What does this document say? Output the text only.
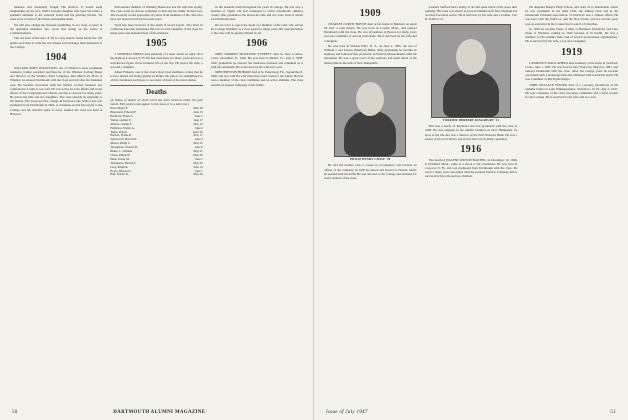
business and eventually bought The Review. It would seem heightening up the plot 1902's favorite daughter had been his bride, a splendid reminder to the editorial board and his grieving friends. We were sorry to learn of his illness and sudden death.

We will now change the frequent grumbling, in our class, to news of the cherished members who wrote this spring on the notice of Commencement.

The old town of the days of '04 is a tiny sketch. Some hardy few still gather each June to walk the old campus and exchange their memories of the College.

1904

WILLIAM AMES KNOWLTON, one of Windsor's most prominent residents, former president and director of the Windsor Savings Bank, and director of the Windsor Trust Company, died March 25. Born in Windsor, he entered Dartmouth with the class and left after his freshman year. He became associated with his father's woolen business and continued in it until it was sold. He was active in town affairs and in the affairs of the Congregational Church, serving as deacon for many years. He leaves his wife and two daughters. The class extends its sympathy to his family. The proposed fine college in Kenyon Lake School and was graduated from Dartmouth in 1904. A classmate recalls his loyalty to the College and his cheerful spirit at every reunion the class has held in Hanover.

Still another member of Winning House has lost his wife this spring. The class sends its sincere sympathy to him and his family in their loss. The secretary would appreciate any news from members of the class who have not been heard from in recent years.

Word has been received of the death of Lloyd Lynch, who lived in California since his retirement. He was an active member of the class for many years and attended most of the reunions.

1905

J. WENDELL PHIPPS died suddenly of a heart attack on April 18 at his home in Concord, N. H. He had lived there for many years and was a well-known figure in the business life of the city. He leaves his wife, a son and a daughter.

Albert Flaherty, one of the class's most loyal members, writes that he is now retired and living quietly in Maine. He asks to be remembered to all his classmates and hopes to see many of them at the next reunion.

Deaths

[A listing of deaths of which word has been received within the past month. Full notices may appear in this issue or in a later one.]

Ellis, Henry P.	May 28
Blanchard, Edward F.	June 13
Bradford, Frank A.	June 5
Walker, Arthur E.	June 17
Allison, Joseph F.	May 10
Hamilton, Walter A.	June 2
Tuttle, Robert	April 20
Bartlett, Frank R.	May 17
Wentworth, Harold D.	June 4
Mason, Philip C.	May 23
Thompson, Chester H.	June 9
Blake, C. Gillman	May 25
Chase, Philip W.	May 20
Hunt, Lester M.	June 1
Thompson, Harold T.	May 20
Gray, Ralph R.	June 14
Boyle, Bernard J.	June 1
Ball, Robert R.	May 26

on the baseball team throughout his years in college. He was also a member of Sigma Chi and continued to follow Dartmouth athletics closely after graduation. He leaves his wife and two sons, both of whom are Dartmouth men.

We are sorry to report the death of a member of the class who served the College faithfully as a class agent for many years. His cheerful letters to the class will be greatly missed by all.

1906

JOHN WARREN MCKENZIE EVERETT died in New London, Conn., December 31, 1946. He was born in Bethel, Vt., July 4, 1883. After graduation he entered the insurance business and remained in it until his retirement. He is survived by his wife and a son.

JOHN PRESTON HOBART died at St. Petersburg, Fla., September 6, 1946, and was with his wife when they went south for the winter. He had been a member of the class committee and an active alumnus. The class extends its deepest sympathy to his family.

50	DARTMOUTH ALUMNI MAGAZINE
1909

CHARLES CURTIS BOYNE died at his home in Belmont on April 29 after a long illness. He was born in Lowell, Mass., and entered Dartmouth with the class. He was in business in Boston for many years and was a member of several clubs there. He is survived by his wife and a daughter.

He was born in Walden Falls, N. Y., on June 2, 1885, the son of William J. and Lenore (Shattuck) Blake. After graduating he became an engineer and followed that profession in Western Massachusetts until his retirement. He was a great lover of the outdoors and spent much of his leisure time in the hills of New Hampshire.

PHILIP HENRY CHASE '09

He and his brother took a course in accountancy and became an officer of the company. In 1930 he retired and moved to Florida, where he resided until his death. He was devoted to the College and returned for every reunion of the class.

Leonard Stafford had a hobby of art and spent much of his spare time painting. His work was shown at several exhibitions in New England and received favorable notice. He is survived by his wife and a brother, Carl H. Stafford '11.

TORRIER HERBERT KINGSBURY '15

Phil was a native of Raymond and was graduated with the class in 1909. He was engaged in the lumber business in New Hampshire for most of his life and was a director of the First National Bank. He was a trustee of his local library and served his town in many capacities.

1916

The death of WALTER WILSON BAXTER, on December 19, 1946, in Pittsfield, Mass., came as a shock to his classmates. He was born in Concord, N. H., and was graduated from Dartmouth with the class. He was for many years associated with the General Electric Company and is survived by his wife and two children.

He attended Bangor High School, and went on to Dartmouth, where he was prominent in the Rifle Club, the Outing Club and in the Dartmouth Christian Association, of which he was a cabinet officer. He was later with the Y.M.C.A. and the Boy Scouts, and for several years was an executive in the Connecticut Council of Churches.

In 1939 he became Dean of Men at Bucknell University and later Dean of Students, retiring in 1945 because of ill health. He was a member of Phi Gamma Delta and of several professional organizations. He is survived by his wife, a son and a daughter.

1919

LAWRENCE WALD AHERN died suddenly at his home in Stratford, Conn., June 1, 1947. He was born in New York City, March 4, 1897, and entered Dartmouth with the class. After his college years he became associated with a brokerage firm and remained with it until his death. He was a member of Phi Sigma Kappa.

JOHN WALLACE FOSTER died of a coronary thrombosis at his summer home on Lake Winnipesaukee, Wolfeboro, N. H., July 2, 1947. He was a member of the class executive committee and a loyal worker for the College. He is survived by his wife and two sons.

Issue of July 1947	51
